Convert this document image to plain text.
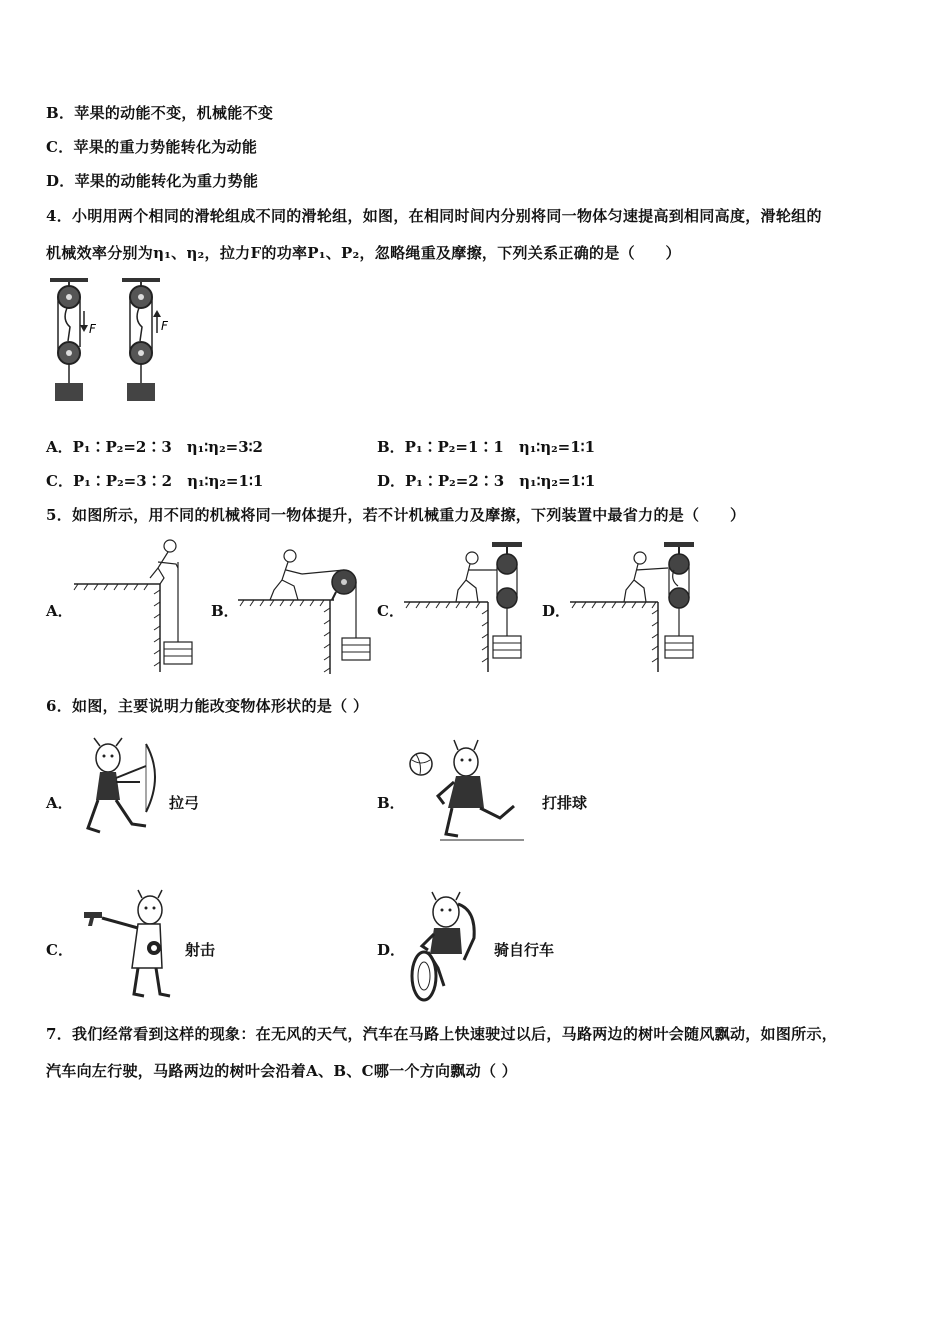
B．苹果的动能不变，机械能不变
C．苹果的重力势能转化为动能
D．苹果的动能转化为重力势能
4．小明用两个相同的滑轮组成不同的滑轮组，如图，在相同时间内分别将同一物体匀速提高到相同高度，滑轮组的
机械效率分别为η₁、η₂，拉力F的功率P₁、P₂，忽略绳重及摩擦，下列关系正确的是（　　）
F	F
A．P₁∶P₂=2∶3　η₁∶η₂=3∶2	B．P₁∶P₂=1∶1　η₁∶η₂=1∶1
C．P₁∶P₂=3∶2　η₁∶η₂=1∶1	D．P₁∶P₂=2∶3　η₁∶η₂=1∶1
5．如图所示，用不同的机械将同一物体提升，若不计机械重力及摩擦，下列装置中最省力的是（　　）
A．	B．	C．	D．
6．如图，主要说明力能改变物体形状的是（ ）
A．	拉弓	B．	打排球
C．	射击	D．	骑自行车
7．我们经常看到这样的现象：在无风的天气，汽车在马路上快速驶过以后，马路两边的树叶会随风飘动，如图所示，
汽车向左行驶，马路两边的树叶会沿着A、B、C哪一个方向飘动（ ）
